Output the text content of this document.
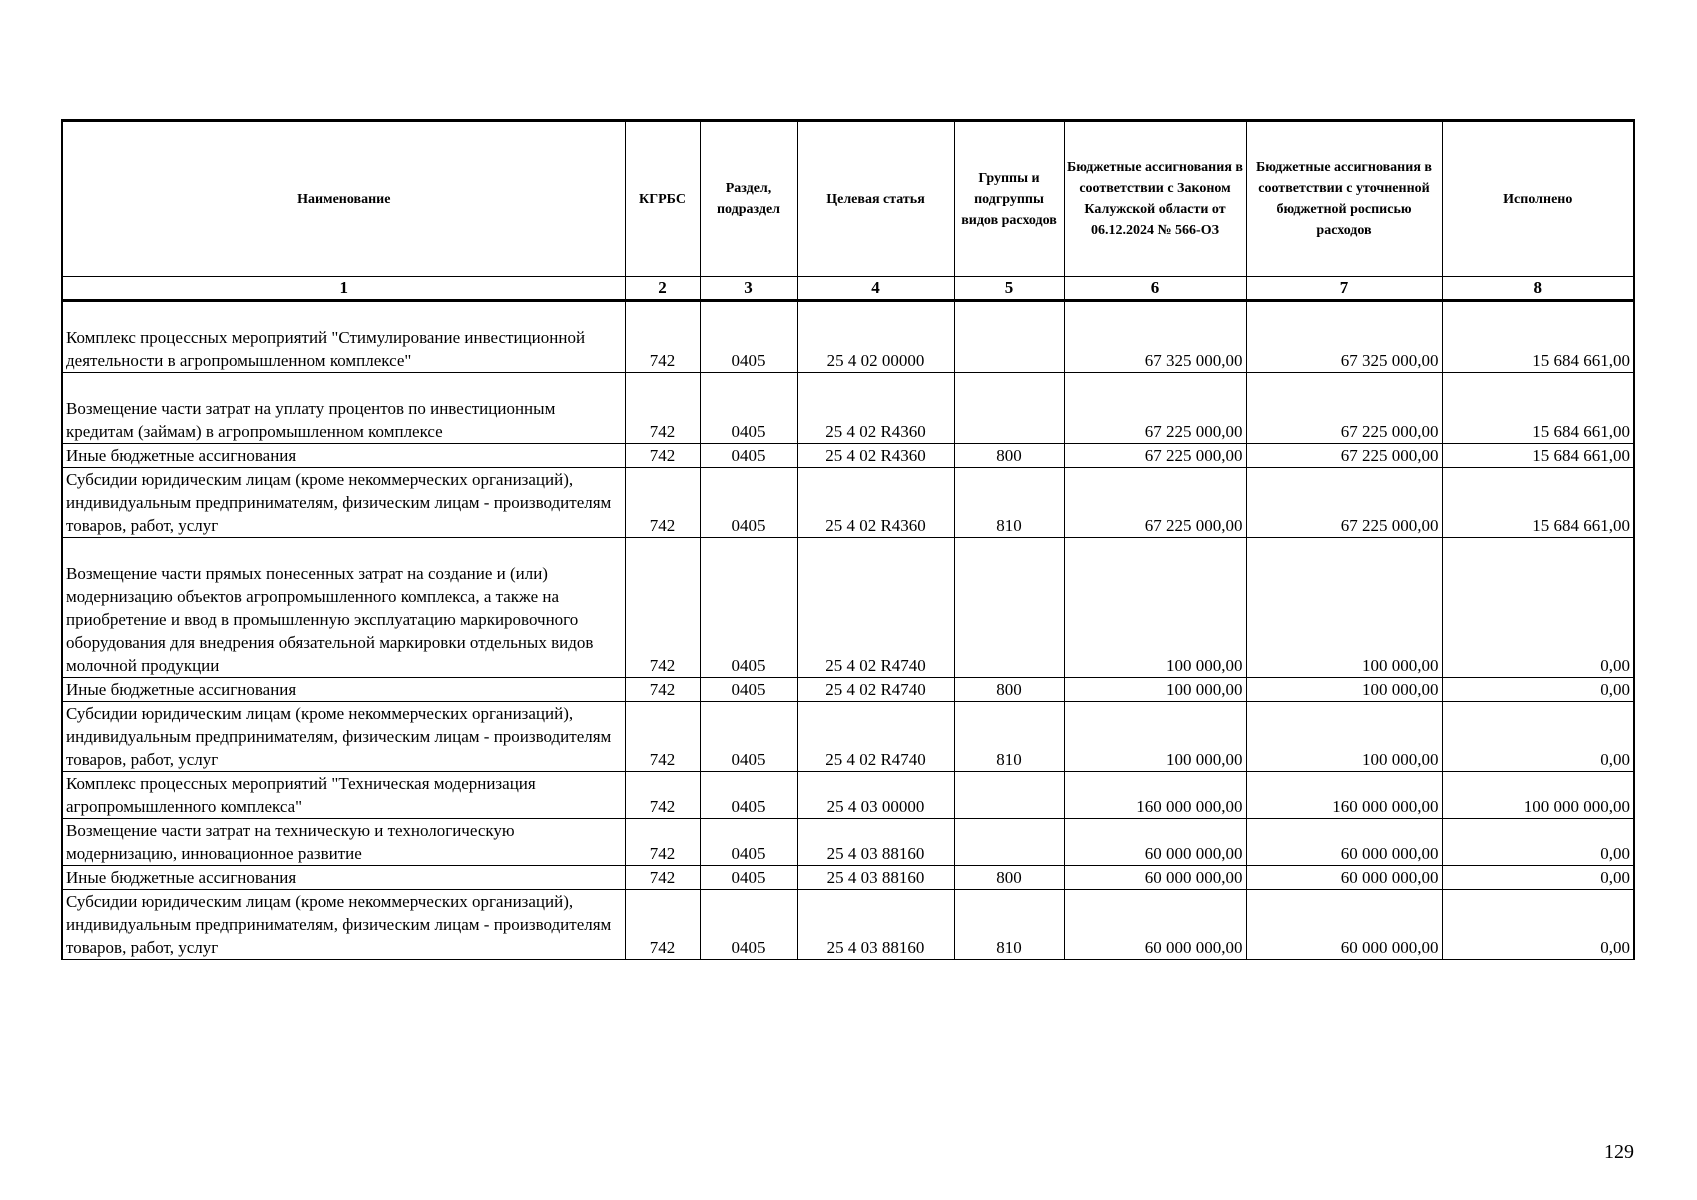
Наименование	КГРБС	Раздел, подраздел	Целевая статья	Группы и подгруппы видов расходов	Бюджетные ассигнования в соответствии с Законом Калужской области от 06.12.2024 № 566-ОЗ	Бюджетные ассигнования в соответствии с уточненной бюджетной росписью расходов	Исполнено
1	2	3	4	5	6	7	8
Комплекс процессных мероприятий "Стимулирование инвестиционной деятельности в агропромышленном комплексе"	742	0405	25 4 02 00000		67 325 000,00	67 325 000,00	15 684 661,00
Возмещение части затрат на уплату процентов по инвестиционным кредитам (займам) в агропромышленном комплексе	742	0405	25 4 02 R4360		67 225 000,00	67 225 000,00	15 684 661,00
Иные бюджетные ассигнования	742	0405	25 4 02 R4360	800	67 225 000,00	67 225 000,00	15 684 661,00
Субсидии юридическим лицам (кроме некоммерческих организаций), индивидуальным предпринимателям, физическим лицам - производителям товаров, работ, услуг	742	0405	25 4 02 R4360	810	67 225 000,00	67 225 000,00	15 684 661,00
Возмещение части прямых понесенных затрат на создание и (или) модернизацию объектов агропромышленного комплекса, а также на приобретение и ввод в промышленную эксплуатацию маркировочного оборудования для внедрения обязательной маркировки отдельных видов молочной продукции	742	0405	25 4 02 R4740		100 000,00	100 000,00	0,00
Иные бюджетные ассигнования	742	0405	25 4 02 R4740	800	100 000,00	100 000,00	0,00
Субсидии юридическим лицам (кроме некоммерческих организаций), индивидуальным предпринимателям, физическим лицам - производителям товаров, работ, услуг	742	0405	25 4 02 R4740	810	100 000,00	100 000,00	0,00
Комплекс процессных мероприятий "Техническая модернизация агропромышленного комплекса"	742	0405	25 4 03 00000		160 000 000,00	160 000 000,00	100 000 000,00
Возмещение части затрат на техническую и технологическую модернизацию, инновационное развитие	742	0405	25 4 03 88160		60 000 000,00	60 000 000,00	0,00
Иные бюджетные ассигнования	742	0405	25 4 03 88160	800	60 000 000,00	60 000 000,00	0,00
Субсидии юридическим лицам (кроме некоммерческих организаций), индивидуальным предпринимателям, физическим лицам - производителям товаров, работ, услуг	742	0405	25 4 03 88160	810	60 000 000,00	60 000 000,00	0,00
129
